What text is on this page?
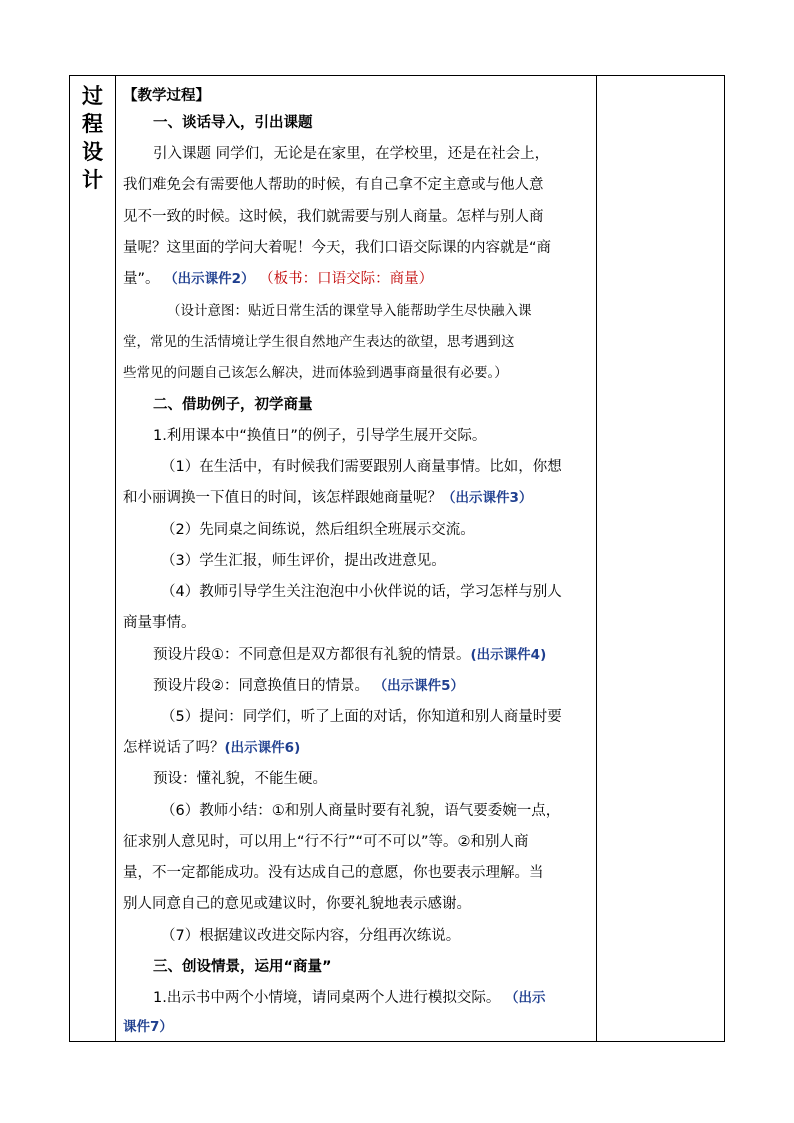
过
程
设
计
【教学过程】
一、谈话导入，引出课题
引入课题 同学们，无论是在家里，在学校里，还是在社会上，
我们难免会有需要他人帮助的时候，有自己拿不定主意或与他人意
见不一致的时候。这时候，我们就需要与别人商量。怎样与别人商
量呢？这里面的学问大着呢！今天，我们口语交际课的内容就是“商
量”。 （出示课件2） （板书：口语交际：商量）
（设计意图：贴近日常生活的课堂导入能帮助学生尽快融入课
堂，常见的生活情境让学生很自然地产生表达的欲望，思考遇到这
些常见的问题自己该怎么解决，进而体验到遇事商量很有必要。）
二、借助例子，初学商量
1.利用课本中“换值日”的例子，引导学生展开交际。
（1）在生活中，有时候我们需要跟别人商量事情。比如，你想
和小丽调换一下值日的时间，该怎样跟她商量呢？（出示课件3）
（2）先同桌之间练说，然后组织全班展示交流。
（3）学生汇报，师生评价，提出改进意见。
（4）教师引导学生关注泡泡中小伙伴说的话，学习怎样与别人
商量事情。
预设片段①：不同意但是双方都很有礼貌的情景。(出示课件4)
预设片段②：同意换值日的情景。 （出示课件5）
（5）提问：同学们，听了上面的对话，你知道和别人商量时要
怎样说话了吗？(出示课件6)
预设：懂礼貌，不能生硬。
（6）教师小结：①和别人商量时要有礼貌，语气要委婉一点，
征求别人意见时，可以用上“行不行”“可不可以”等。②和别人商
量，不一定都能成功。没有达成自己的意愿，你也要表示理解。当
别人同意自己的意见或建议时，你要礼貌地表示感谢。
（7）根据建议改进交际内容，分组再次练说。
三、创设情景，运用“商量”
1.出示书中两个小情境，请同桌两个人进行模拟交际。 （出示
课件7）
